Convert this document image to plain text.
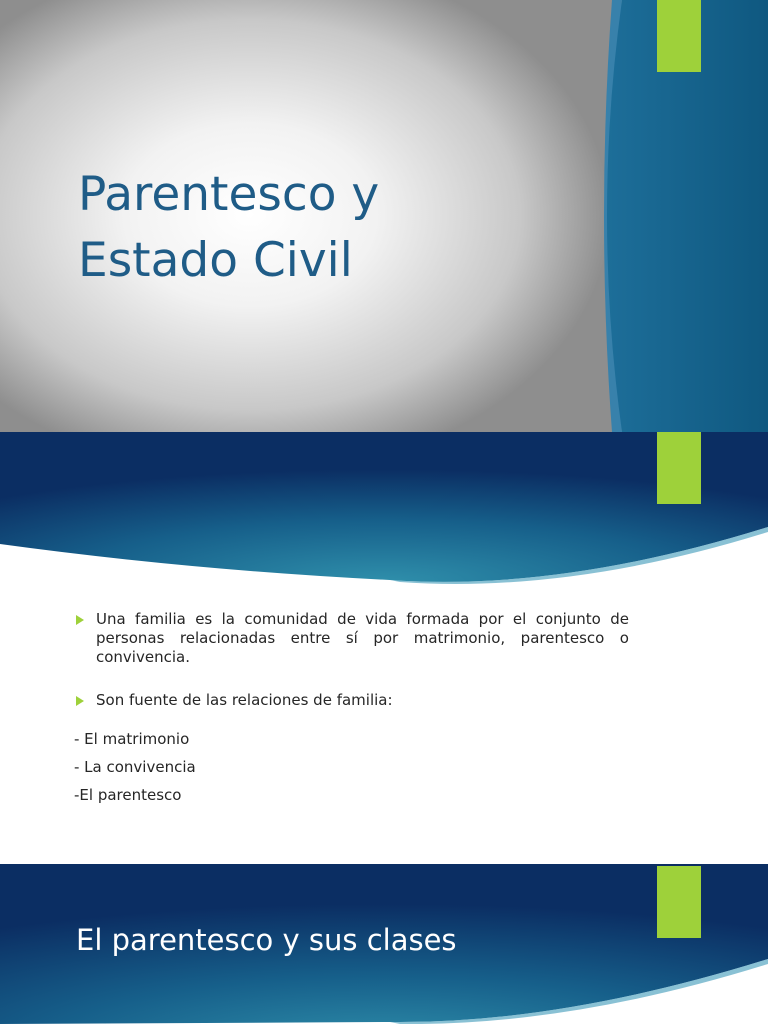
Parentesco y
Estado Civil
Una familia es la comunidad de vida formada por el conjunto de personas relacionadas entre sí por matrimonio, parentesco o convivencia.
Son fuente de las relaciones de familia:
- El matrimonio
- La convivencia
-El parentesco
El parentesco y sus clases
